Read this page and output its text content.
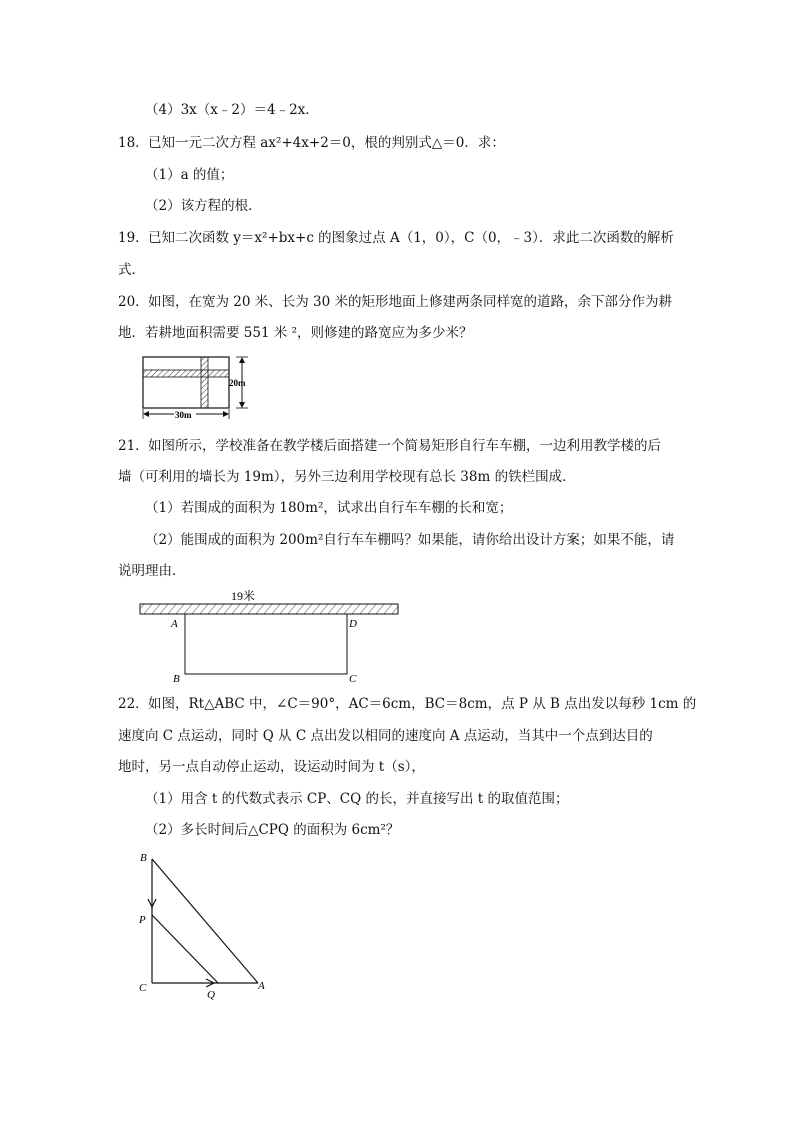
（4）3x（x﹣2）＝4﹣2x．
18． 已知一元二次方程 ax²+4x+2＝0，根的判别式△＝0．求：
（1）a 的值；
（2）该方程的根．
19． 已知二次函数 y＝x²+bx+c 的图象过点 A（1，0），C（0，﹣3）．求此二次函数的解析
式．
20． 如图，在宽为 20 米、长为 30 米的矩形地面上修建两条同样宽的道路，余下部分作为耕
地．若耕地面积需要 551 米 ²，则修建的路宽应为多少米？
20m
30m
21． 如图所示，学校准备在教学楼后面搭建一个简易矩形自行车车棚，一边利用教学楼的后
墙（可利用的墙长为 19m），另外三边利用学校现有总长 38m 的铁栏围成．
（1）若围成的面积为 180m²，试求出自行车车棚的长和宽；
（2）能围成的面积为 200m²自行车车棚吗？如果能，请你给出设计方案；如果不能，请
说明理由．
19米
A	D
B	C
22． 如图，Rt△ABC 中，∠C＝90°，AC＝6cm，BC＝8cm，点 P 从 B 点出发以每秒 1cm 的
速度向 C 点运动，同时 Q 从 C 点出发以相同的速度向 A 点运动，当其中一个点到达目的
地时，另一点自动停止运动，设运动时间为 t（s），
（1）用含 t 的代数式表示 CP、CQ 的长，并直接写出 t 的取值范围；
（2）多长时间后△CPQ 的面积为 6cm²？
B
P
C
Q
A
